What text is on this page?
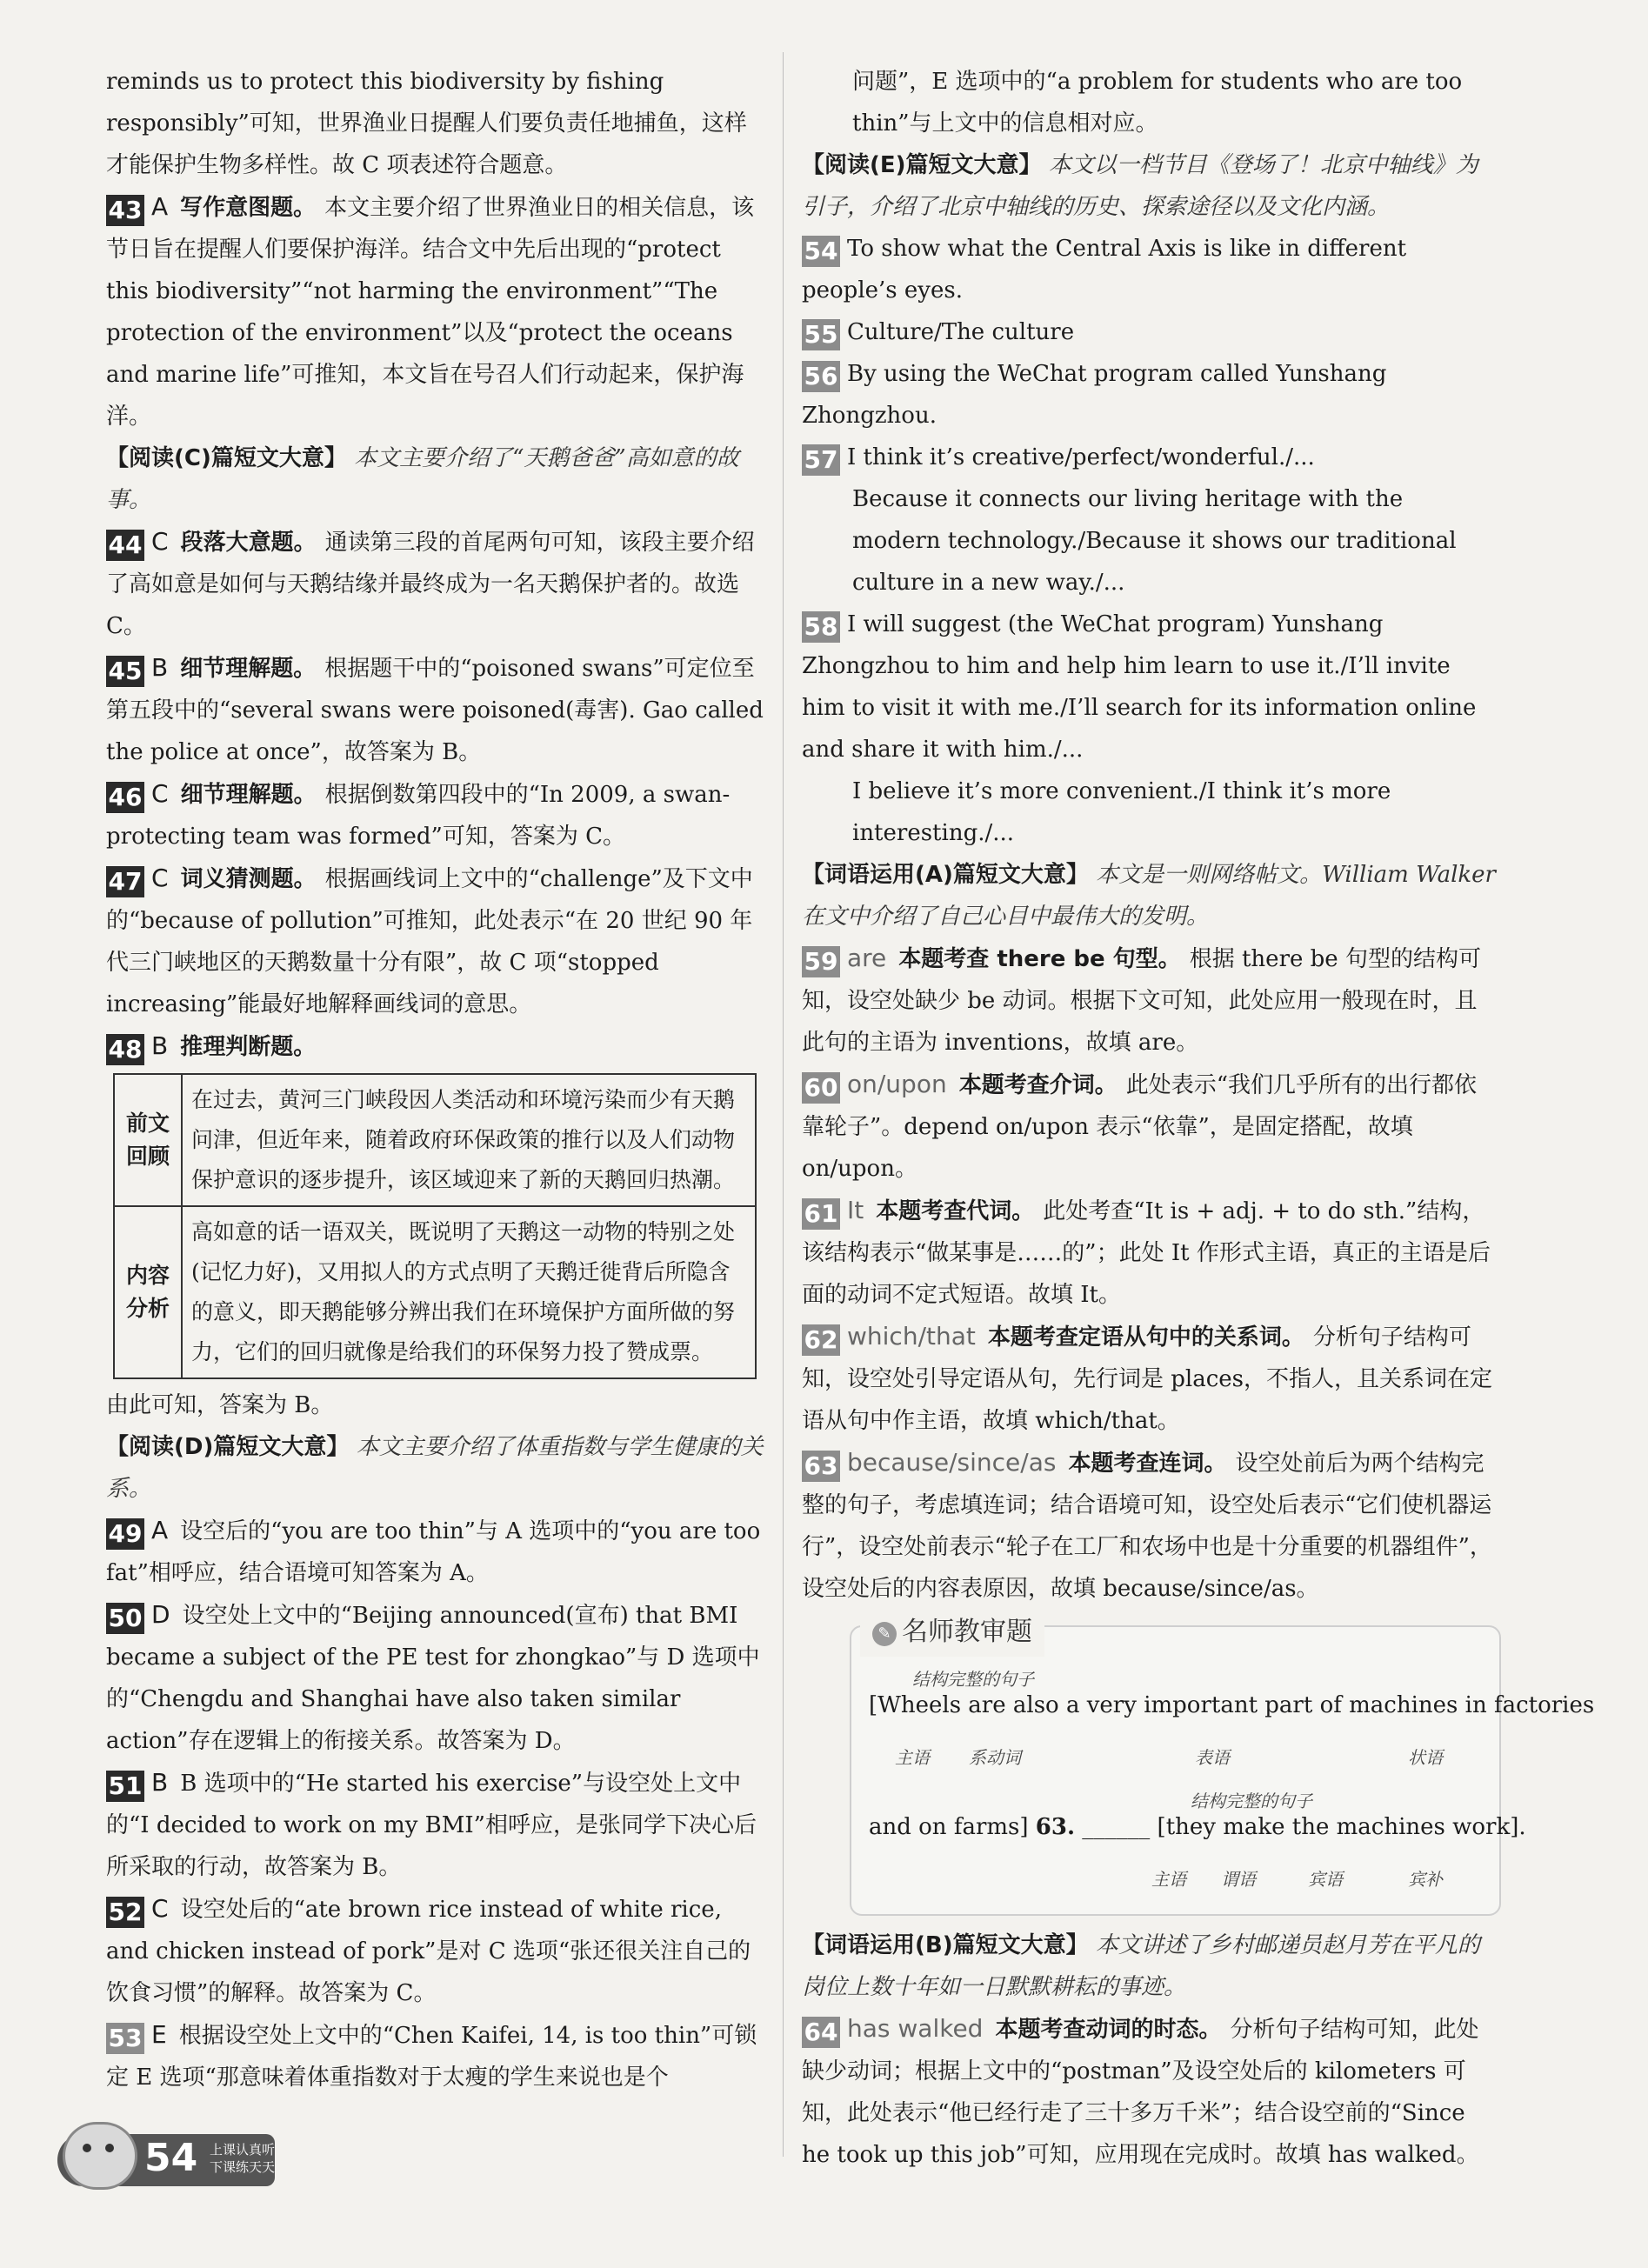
reminds us to protect this biodiversity by fishing responsibly”可知，世界渔业日提醒人们要负责任地捕鱼，这样才能保护生物多样性。故 C 项表述符合题意。

43 A 写作意图题。 本文主要介绍了世界渔业日的相关信息，该节日旨在提醒人们要保护海洋。结合文中先后出现的“protect this biodiversity”“not harming the environment”“The protection of the environment”以及“protect the oceans and marine life”可推知，本文旨在号召人们行动起来，保护海洋。

【阅读(C)篇短文大意】 本文主要介绍了“天鹅爸爸”高如意的故事。

44 C 段落大意题。 通读第三段的首尾两句可知，该段主要介绍了高如意是如何与天鹅结缘并最终成为一名天鹅保护者的。故选 C。

45 B 细节理解题。 根据题干中的“poisoned swans”可定位至第五段中的“several swans were poisoned(毒害). Gao called the police at once”，故答案为 B。

46 C 细节理解题。 根据倒数第四段中的“In 2009, a swan-protecting team was formed”可知，答案为 C。

47 C 词义猜测题。 根据画线词上文中的“challenge”及下文中的“because of pollution”可推知，此处表示“在 20 世纪 90 年代三门峡地区的天鹅数量十分有限”，故 C 项“stopped increasing”能最好地解释画线词的意思。

48 B 推理判断题。

前文回顾	在过去，黄河三门峡段因人类活动和环境污染而少有天鹅问津，但近年来，随着政府环保政策的推行以及人们动物保护意识的逐步提升，该区域迎来了新的天鹅回归热潮。
内容分析	高如意的话一语双关，既说明了天鹅这一动物的特别之处(记忆力好)，又用拟人的方式点明了天鹅迁徙背后所隐含的意义，即天鹅能够分辨出我们在环境保护方面所做的努力，它们的回归就像是给我们的环保努力投了赞成票。

由此可知，答案为 B。

【阅读(D)篇短文大意】 本文主要介绍了体重指数与学生健康的关系。

49 A 设空后的“you are too thin”与 A 选项中的“you are too fat”相呼应，结合语境可知答案为 A。

50 D 设空处上文中的“Beijing announced(宣布) that BMI became a subject of the PE test for zhongkao”与 D 选项中的“Chengdu and Shanghai have also taken similar action”存在逻辑上的衔接关系。故答案为 D。

51 B B 选项中的“He started his exercise”与设空处上文中的“I decided to work on my BMI”相呼应，是张同学下决心后所采取的行动，故答案为 B。

52 C 设空处后的“ate brown rice instead of white rice, and chicken instead of pork”是对 C 选项“张还很关注自己的饮食习惯”的解释。故答案为 C。

53 E 根据设空处上文中的“Chen Kaifei, 14, is too thin”可锁定 E 选项“那意味着体重指数对于太瘦的学生来说也是个

问题”，E 选项中的“a problem for students who are too thin”与上文中的信息相对应。

【阅读(E)篇短文大意】 本文以一档节目《登场了！北京中轴线》为引子，介绍了北京中轴线的历史、探索途径以及文化内涵。

54 To show what the Central Axis is like in different people’s eyes.

55 Culture/The culture

56 By using the WeChat program called Yunshang Zhongzhou.

57 I think it’s creative/perfect/wonderful./...

Because it connects our living heritage with the modern technology./Because it shows our traditional culture in a new way./...

58 I will suggest (the WeChat program) Yunshang Zhongzhou to him and help him learn to use it./I’ll invite him to visit it with me./I’ll search for its information online and share it with him./...

I believe it’s more convenient./I think it’s more interesting./...

【词语运用(A)篇短文大意】 本文是一则网络帖文。William Walker 在文中介绍了自己心目中最伟大的发明。

59 are 本题考查 there be 句型。 根据 there be 句型的结构可知，设空处缺少 be 动词。根据下文可知，此处应用一般现在时，且此句的主语为 inventions，故填 are。

60 on/upon 本题考查介词。 此处表示“我们几乎所有的出行都依靠轮子”。depend on/upon 表示“依靠”，是固定搭配，故填 on/upon。

61 It 本题考查代词。 此处考查“It is + adj. + to do sth.”结构，该结构表示“做某事是……的”；此处 It 作形式主语，真正的主语是后面的动词不定式短语。故填 It。

62 which/that 本题考查定语从句中的关系词。 分析句子结构可知，设空处引导定语从句，先行词是 places，不指人，且关系词在定语从句中作主语，故填 which/that。

63 because/since/as 本题考查连词。 设空处前后为两个结构完整的句子，考虑填连词；结合语境可知，设空处后表示“它们使机器运行”，设空处前表示“轮子在工厂和农场中也是十分重要的机器组件”，设空处后的内容表原因，故填 because/since/as。

✎ 名师教审题
结构完整的句子
[Wheels are also a very important part of machines in factories
主语 系动词	表语	状语
结构完整的句子
and on farms] 63. ______ [they make the machines work].
主语 谓语	宾语	宾补

【词语运用(B)篇短文大意】 本文讲述了乡村邮递员赵月芳在平凡的岗位上数十年如一日默默耕耘的事迹。

64 has walked 本题考查动词的时态。 分析句子结构可知，此处缺少动词；根据上文中的“postman”及设空处后的 kilometers 可知，此处表示“他已经行走了三十多万千米”；结合设空前的“Since he took up this job”可知，应用现在完成时。故填 has walked。

54 上课认真听
下课练天天
